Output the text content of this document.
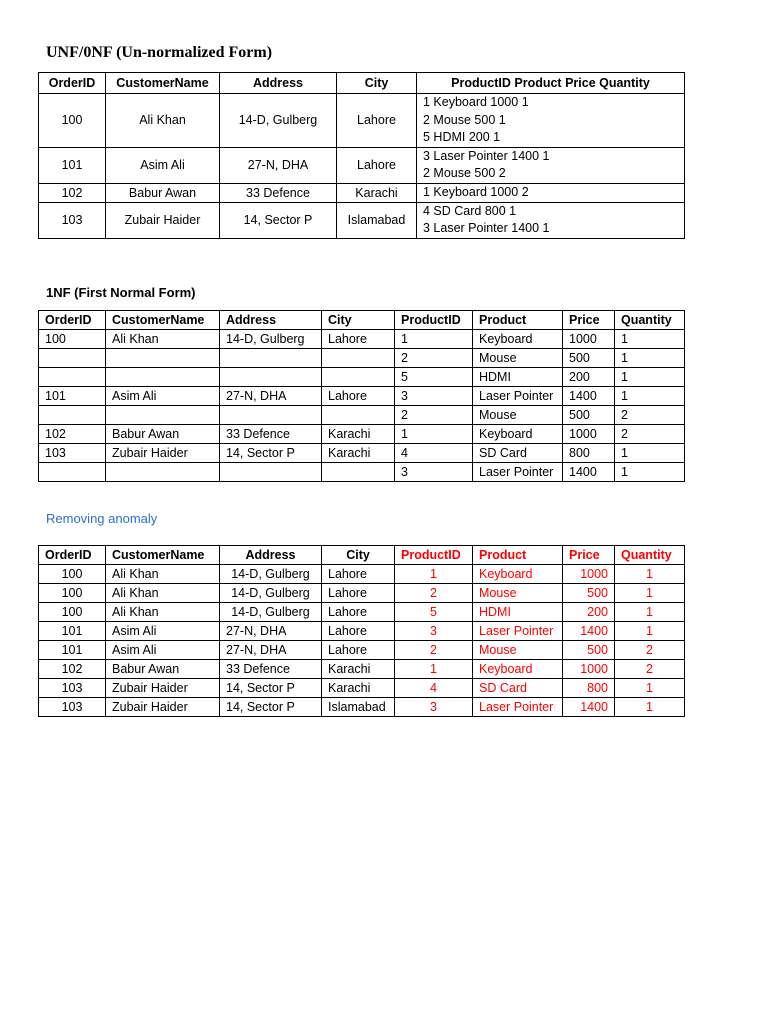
UNF/0NF (Un-normalized Form)

OrderID	CustomerName	Address	City	ProductID Product Price Quantity
100	Ali Khan	14-D, Gulberg	Lahore	1 Keyboard 1000 1
2 Mouse 500 1
5 HDMI 200 1

101	Asim Ali	27-N, DHA	Lahore	3 Laser Pointer 1400 1
2 Mouse 500 2

102	Babur Awan	33 Defence	Karachi	1 Keyboard 1000 2

103	Zubair Haider	14, Sector P	Islamabad	4 SD Card 800 1
3 Laser Pointer 1400 1

1NF (First Normal Form)

OrderID	CustomerName	Address	City	ProductID	Product	Price	Quantity
100	Ali Khan	14-D, Gulberg	Lahore	1	Keyboard	1000	1
				2	Mouse	500	1
				5	HDMI	200	1
101	Asim Ali	27-N, DHA	Lahore	3	Laser Pointer	1400	1
				2	Mouse	500	2
102	Babur Awan	33 Defence	Karachi	1	Keyboard	1000	2
103	Zubair Haider	14, Sector P	Karachi	4	SD Card	800	1
				3	Laser Pointer	1400	1

Removing anomaly

OrderID	CustomerName	Address	City	ProductID	Product	Price	Quantity
100	Ali Khan	14-D, Gulberg	Lahore	1	Keyboard	1000	1
100	Ali Khan	14-D, Gulberg	Lahore	2	Mouse	500	1
100	Ali Khan	14-D, Gulberg	Lahore	5	HDMI	200	1
101	Asim Ali	27-N, DHA	Lahore	3	Laser Pointer	1400	1
101	Asim Ali	27-N, DHA	Lahore	2	Mouse	500	2
102	Babur Awan	33 Defence	Karachi	1	Keyboard	1000	2
103	Zubair Haider	14, Sector P	Karachi	4	SD Card	800	1
103	Zubair Haider	14, Sector P	Islamabad	3	Laser Pointer	1400	1
